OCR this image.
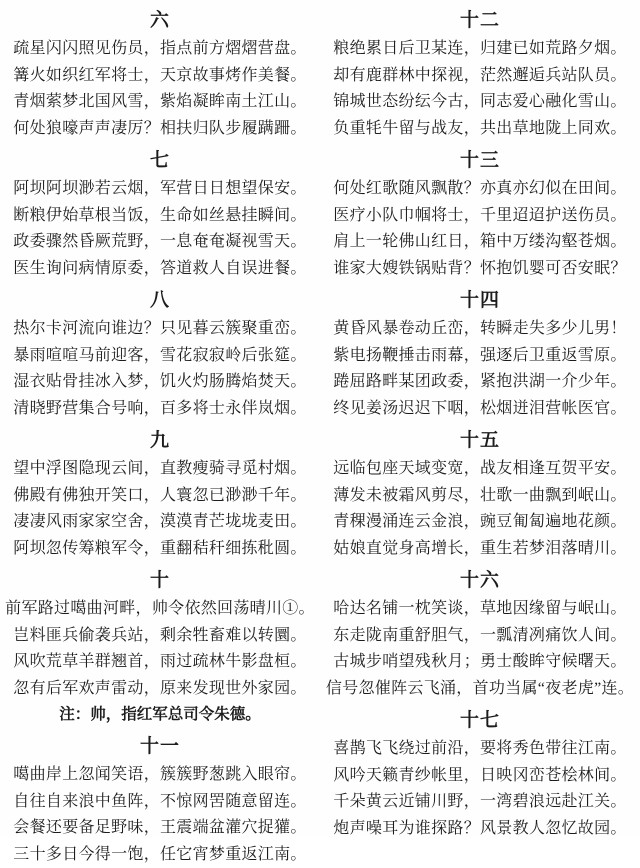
六
疏星闪闪照见伤员，指点前方熠熠营盘。
篝火如织红军将士，天京故事烤作美餐。
青烟萦梦北国风雪，紫焰凝眸南土江山。
何处狼嚎声声凄厉？相扶归队步履蹒跚。
七
阿坝阿坝渺若云烟，军营日日想望保安。
断粮伊始草根当饭，生命如丝悬挂瞬间。
政委骤然昏厥荒野，一息奄奄凝视雪天。
医生询问病情原委，答道救人自误进餐。
八
热尔卡河流向谁边？只见暮云簇聚重峦。
暴雨喧喧马前迎客，雪花寂寂岭后张筵。
湿衣贴骨挂冰入梦，饥火灼肠腾焰焚天。
清晓野营集合号响，百多将士永伴岚烟。
九
望中浮图隐现云间，直教瘦骑寻觅村烟。
佛殿有佛独开笑口，人寰忽已渺渺千年。
凄凄风雨家家空舍，漠漠青芒垅垅麦田。
阿坝忽传筹粮军令，重翻秸秆细拣秕圆。
十
前军路过噶曲河畔，帅令依然回荡晴川①。
岂料匪兵偷袭兵站，剩余牲畜难以转圜。
风吹荒草羊群翘首，雨过疏林牛影盘桓。
忽有后军欢声雷动，原来发现世外家园。
注：帅，指红军总司令朱德。
十一
噶曲岸上忽闻笑语，簇簇野葱跳入眼帘。
自往自来浪中鱼阵，不惊网罟随意留连。
会餐还要备足野味，王震端盆灌穴捉獾。
三十多日今得一饱，任它宵梦重返江南。
十二
粮绝累日后卫某连，归建已如荒路夕烟。
却有鹿群林中探视，茫然邂逅兵站队员。
锦城世态纷纭今古，同志爱心融化雪山。
负重牦牛留与战友，共出草地陇上同欢。
十三
何处红歌随风飘散？亦真亦幻似在田间。
医疗小队巾帼将士，千里迢迢护送伤员。
肩上一轮佛山红日，箱中万缕沟壑苍烟。
谁家大嫂铁锅贴背？怀抱饥婴可否安眠？
十四
黄昏风暴卷动丘峦，转瞬走失多少儿男！
紫电扬鞭捶击雨幕，强逐后卫重返雪原。
踡屈路畔某团政委，紧抱洪湖一介少年。
终见姜汤迟迟下咽，松烟迸泪营帐医官。
十五
远临包座天域变宽，战友相逢互贺平安。
薄发未被霜风剪尽，壮歌一曲飘到岷山。
青稞漫涌连云金浪，豌豆匍匐遍地花颜。
姑娘直觉身高增长，重生若梦泪落晴川。
十六
哈达名铺一枕笑谈，草地因缘留与岷山。
东走陇南重舒胆气，一瓢清冽痛饮人间。
古城步哨望残秋月；勇士酸眸守候曙天。
信号忽催阵云飞涌，首功当属“夜老虎”连。
十七
喜鹊飞飞绕过前沿，要将秀色带往江南。
风吟天籁青纱帐里，日映冈峦苍桧林间。
千朵黄云近铺川野，一湾碧浪远赴江关。
炮声噪耳为谁探路？风景教人忽忆故园。
